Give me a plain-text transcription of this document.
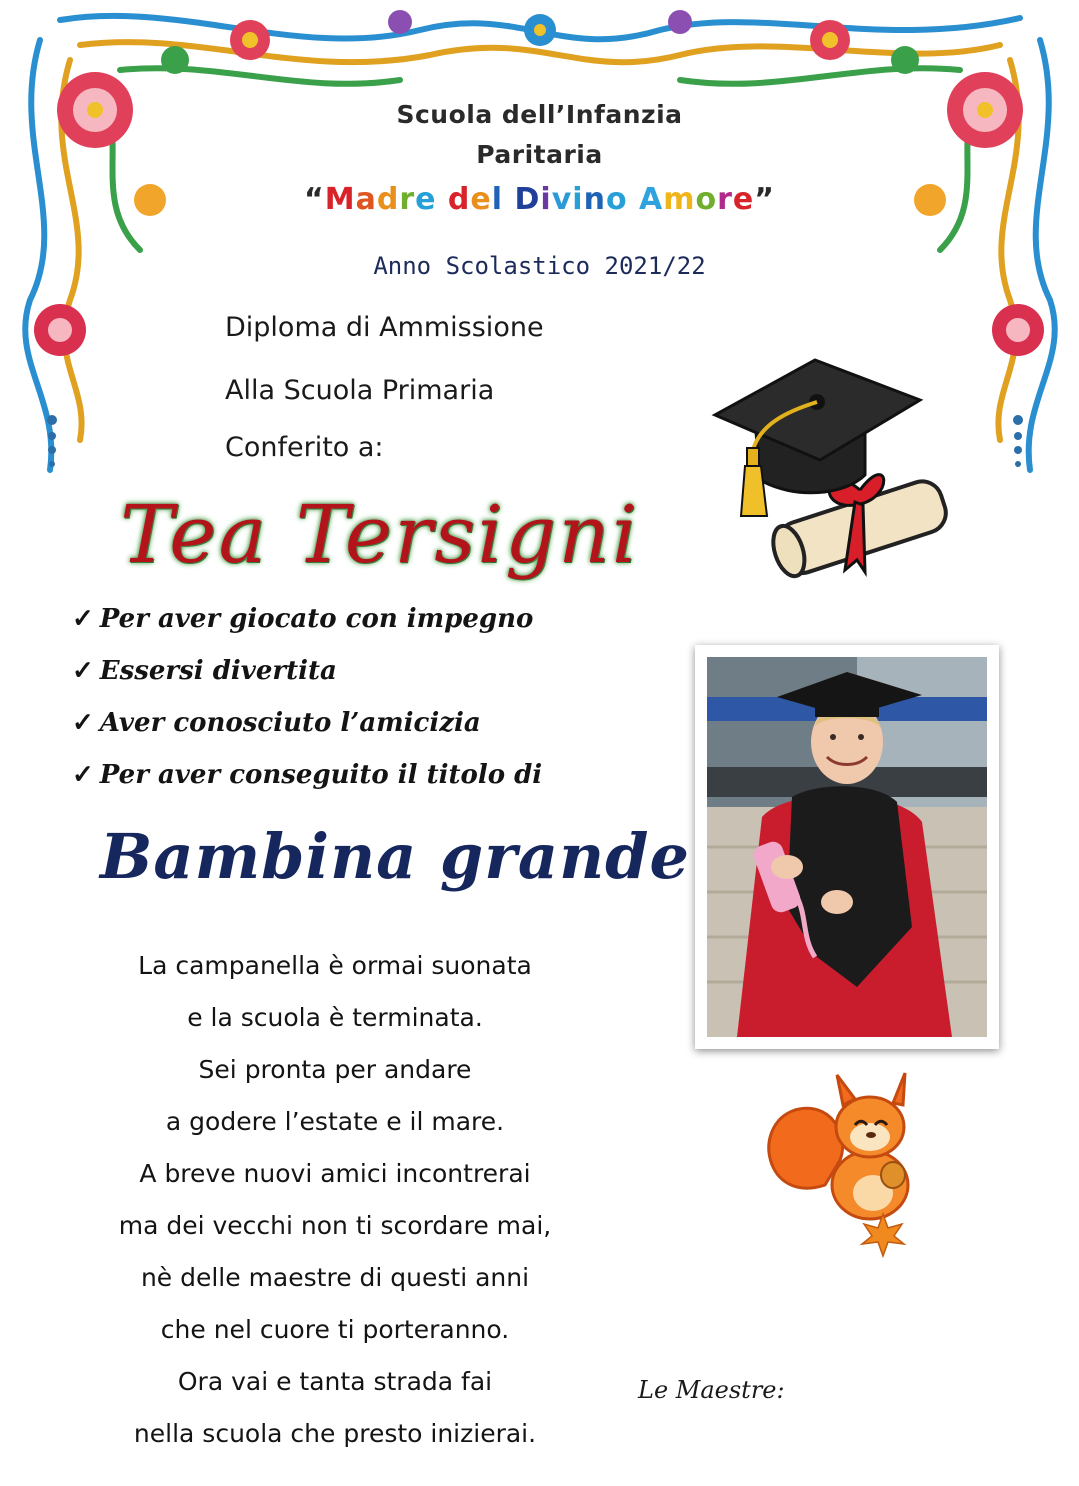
Scuola dell’Infanzia
Paritaria
“Madre del Divino Amore”
Anno Scolastico 2021/22
Diploma di Ammissione
Alla Scuola Primaria
Conferito a:
Tea Tersigni
✓ Per aver giocato con impegno
✓ Essersi divertita
✓ Aver conosciuto l’amicizia
✓ Per aver conseguito il titolo di
Bambina grande
La campanella è ormai suonata
e la scuola è terminata.
Sei pronta per andare
a godere l’estate e il mare.
A breve nuovi amici incontrerai
ma dei vecchi non ti scordare mai,
nè delle maestre di questi anni
che nel cuore ti porteranno.
Ora vai e tanta strada fai
nella scuola che presto inizierai.
Le Maestre:
